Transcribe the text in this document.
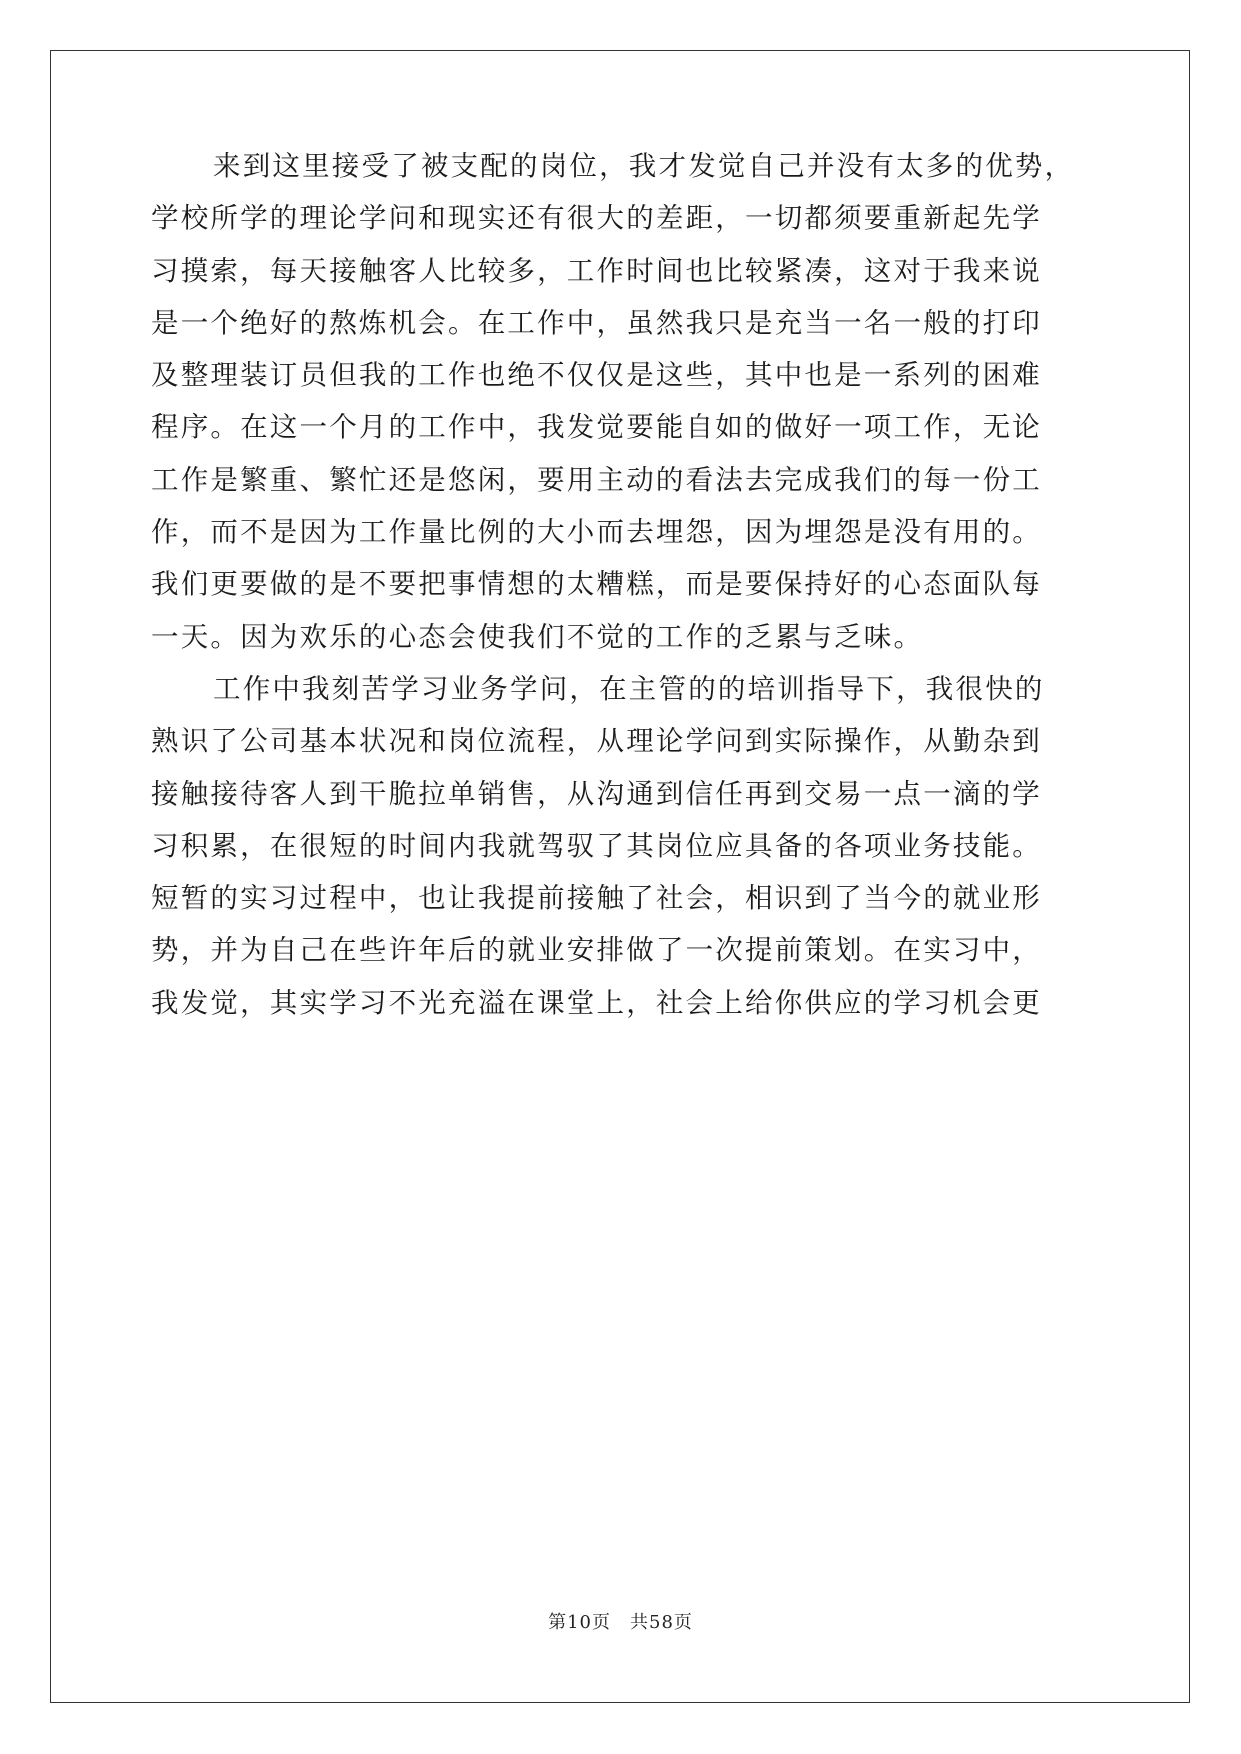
来到这里接受了被支配的岗位，我才发觉自己并没有太多的优势，
学校所学的理论学问和现实还有很大的差距，一切都须要重新起先学
习摸索，每天接触客人比较多，工作时间也比较紧凑，这对于我来说
是一个绝好的熬炼机会。在工作中，虽然我只是充当一名一般的打印
及整理装订员但我的工作也绝不仅仅是这些，其中也是一系列的困难
程序。在这一个月的工作中，我发觉要能自如的做好一项工作，无论
工作是繁重、繁忙还是悠闲，要用主动的看法去完成我们的每一份工
作，而不是因为工作量比例的大小而去埋怨，因为埋怨是没有用的。
我们更要做的是不要把事情想的太糟糕，而是要保持好的心态面队每
一天。因为欢乐的心态会使我们不觉的工作的乏累与乏味。
工作中我刻苦学习业务学问，在主管的的培训指导下，我很快的
熟识了公司基本状况和岗位流程，从理论学问到实际操作，从勤杂到
接触接待客人到干脆拉单销售，从沟通到信任再到交易一点一滴的学
习积累，在很短的时间内我就驾驭了其岗位应具备的各项业务技能。
短暂的实习过程中，也让我提前接触了社会，相识到了当今的就业形
势，并为自己在些许年后的就业安排做了一次提前策划。在实习中，
我发觉，其实学习不光充溢在课堂上，社会上给你供应的学习机会更
第10页　共58页
